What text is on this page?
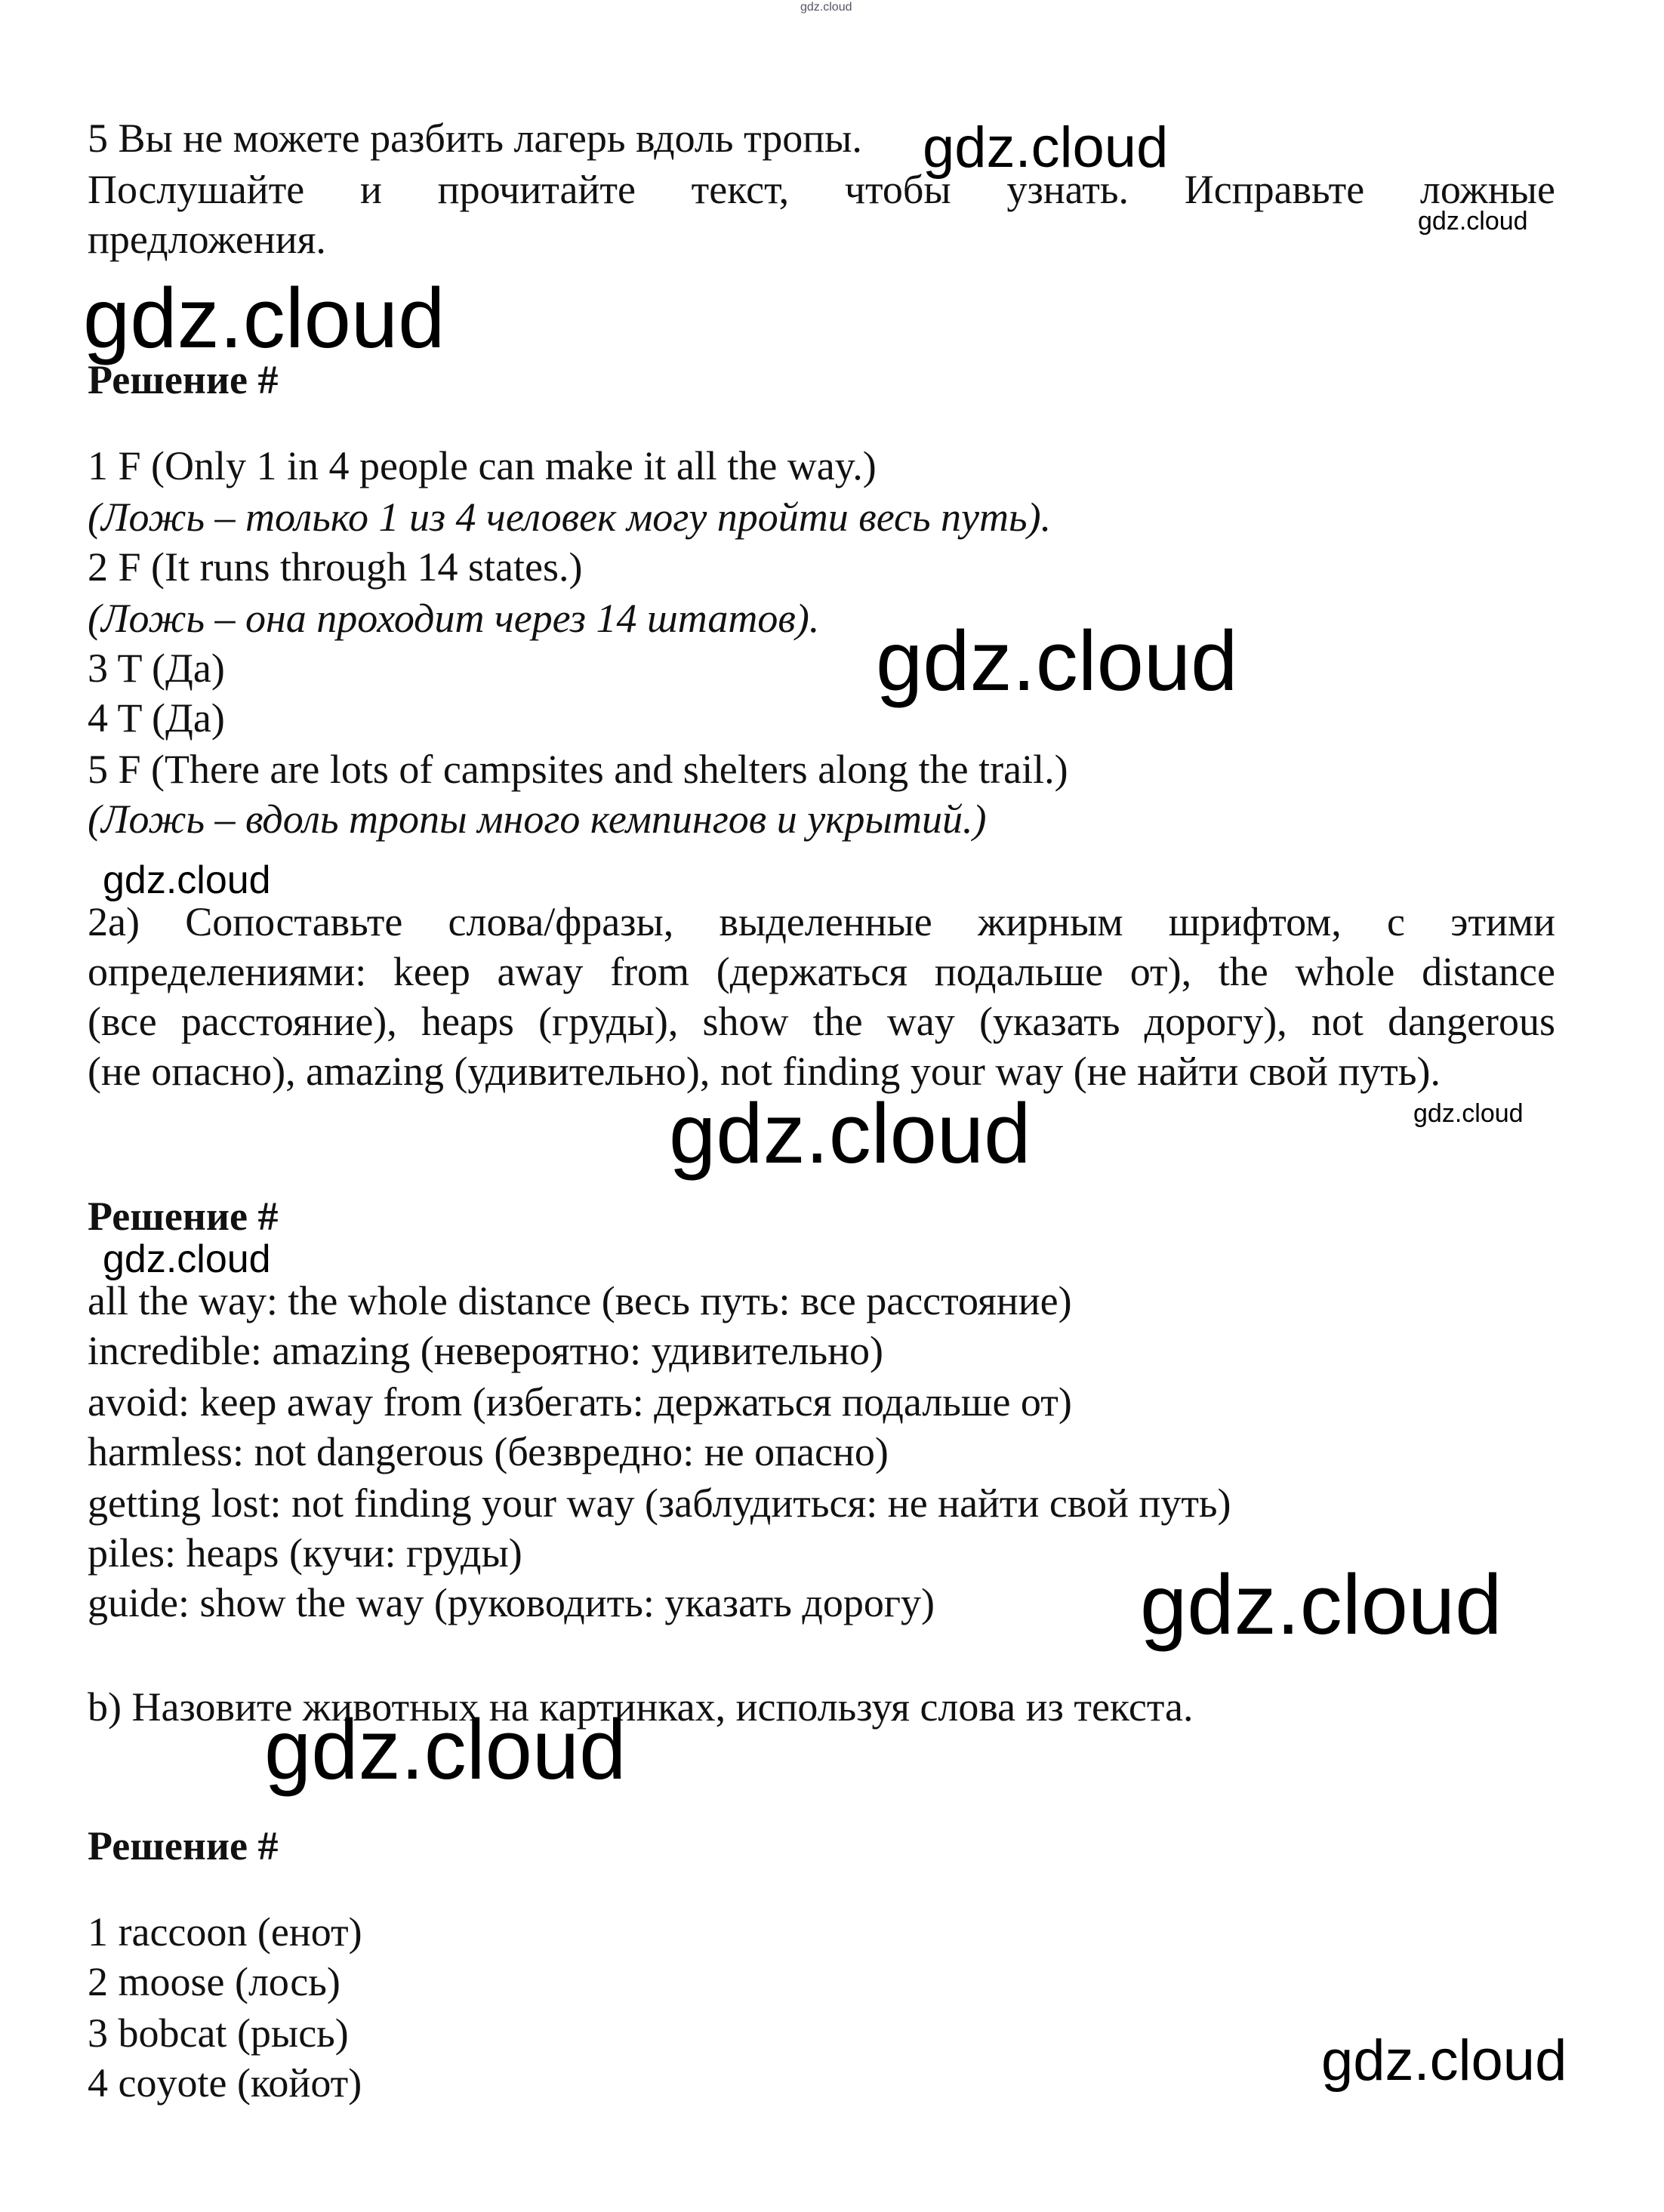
gdz.cloud
5 Вы не можете разбить лагерь вдоль тропы. gdz.cloud
Послушайте и прочитайте текст, чтобы узнать. Исправьте ложные
gdz.cloud
предложения.
gdz.cloud
Решение #
1 F (Only 1 in 4 people can make it all the way.)
(Ложь – только 1 из 4 человек могу пройти весь путь).
2 F (It runs through 14 states.)
(Ложь – она проходит через 14 штатов). gdz.cloud
3 T (Да)
4 T (Да)
5 F (There are lots of campsites and shelters along the trail.)
(Ложь – вдоль тропы много кемпингов и укрытий.)
gdz.cloud
2a) Сопоставьте слова/фразы, выделенные жирным шрифтом, с этими
определениями: keep away from (держаться подальше от), the whole distance
(все расстояние), heaps (груды), show the way (указать дорогу), not dangerous
(не опасно), amazing (удивительно), not finding your way (не найти свой путь).
gdz.cloud
gdz.cloud
Решение #
gdz.cloud
all the way: the whole distance (весь путь: все расстояние)
incredible: amazing (невероятно: удивительно)
avoid: keep away from (избегать: держаться подальше от)
harmless: not dangerous (безвредно: не опасно)
getting lost: not finding your way (заблудиться: не найти свой путь)
piles: heaps (кучи: груды)
guide: show the way (руководить: указать дорогу) gdz.cloud
b) Назовите животных на картинках, используя слова из текста.
gdz.cloud
Решение #
1 raccoon (енот)
2 moose (лось)
3 bobcat (рысь)
4 coyote (койот)	gdz.cloud
